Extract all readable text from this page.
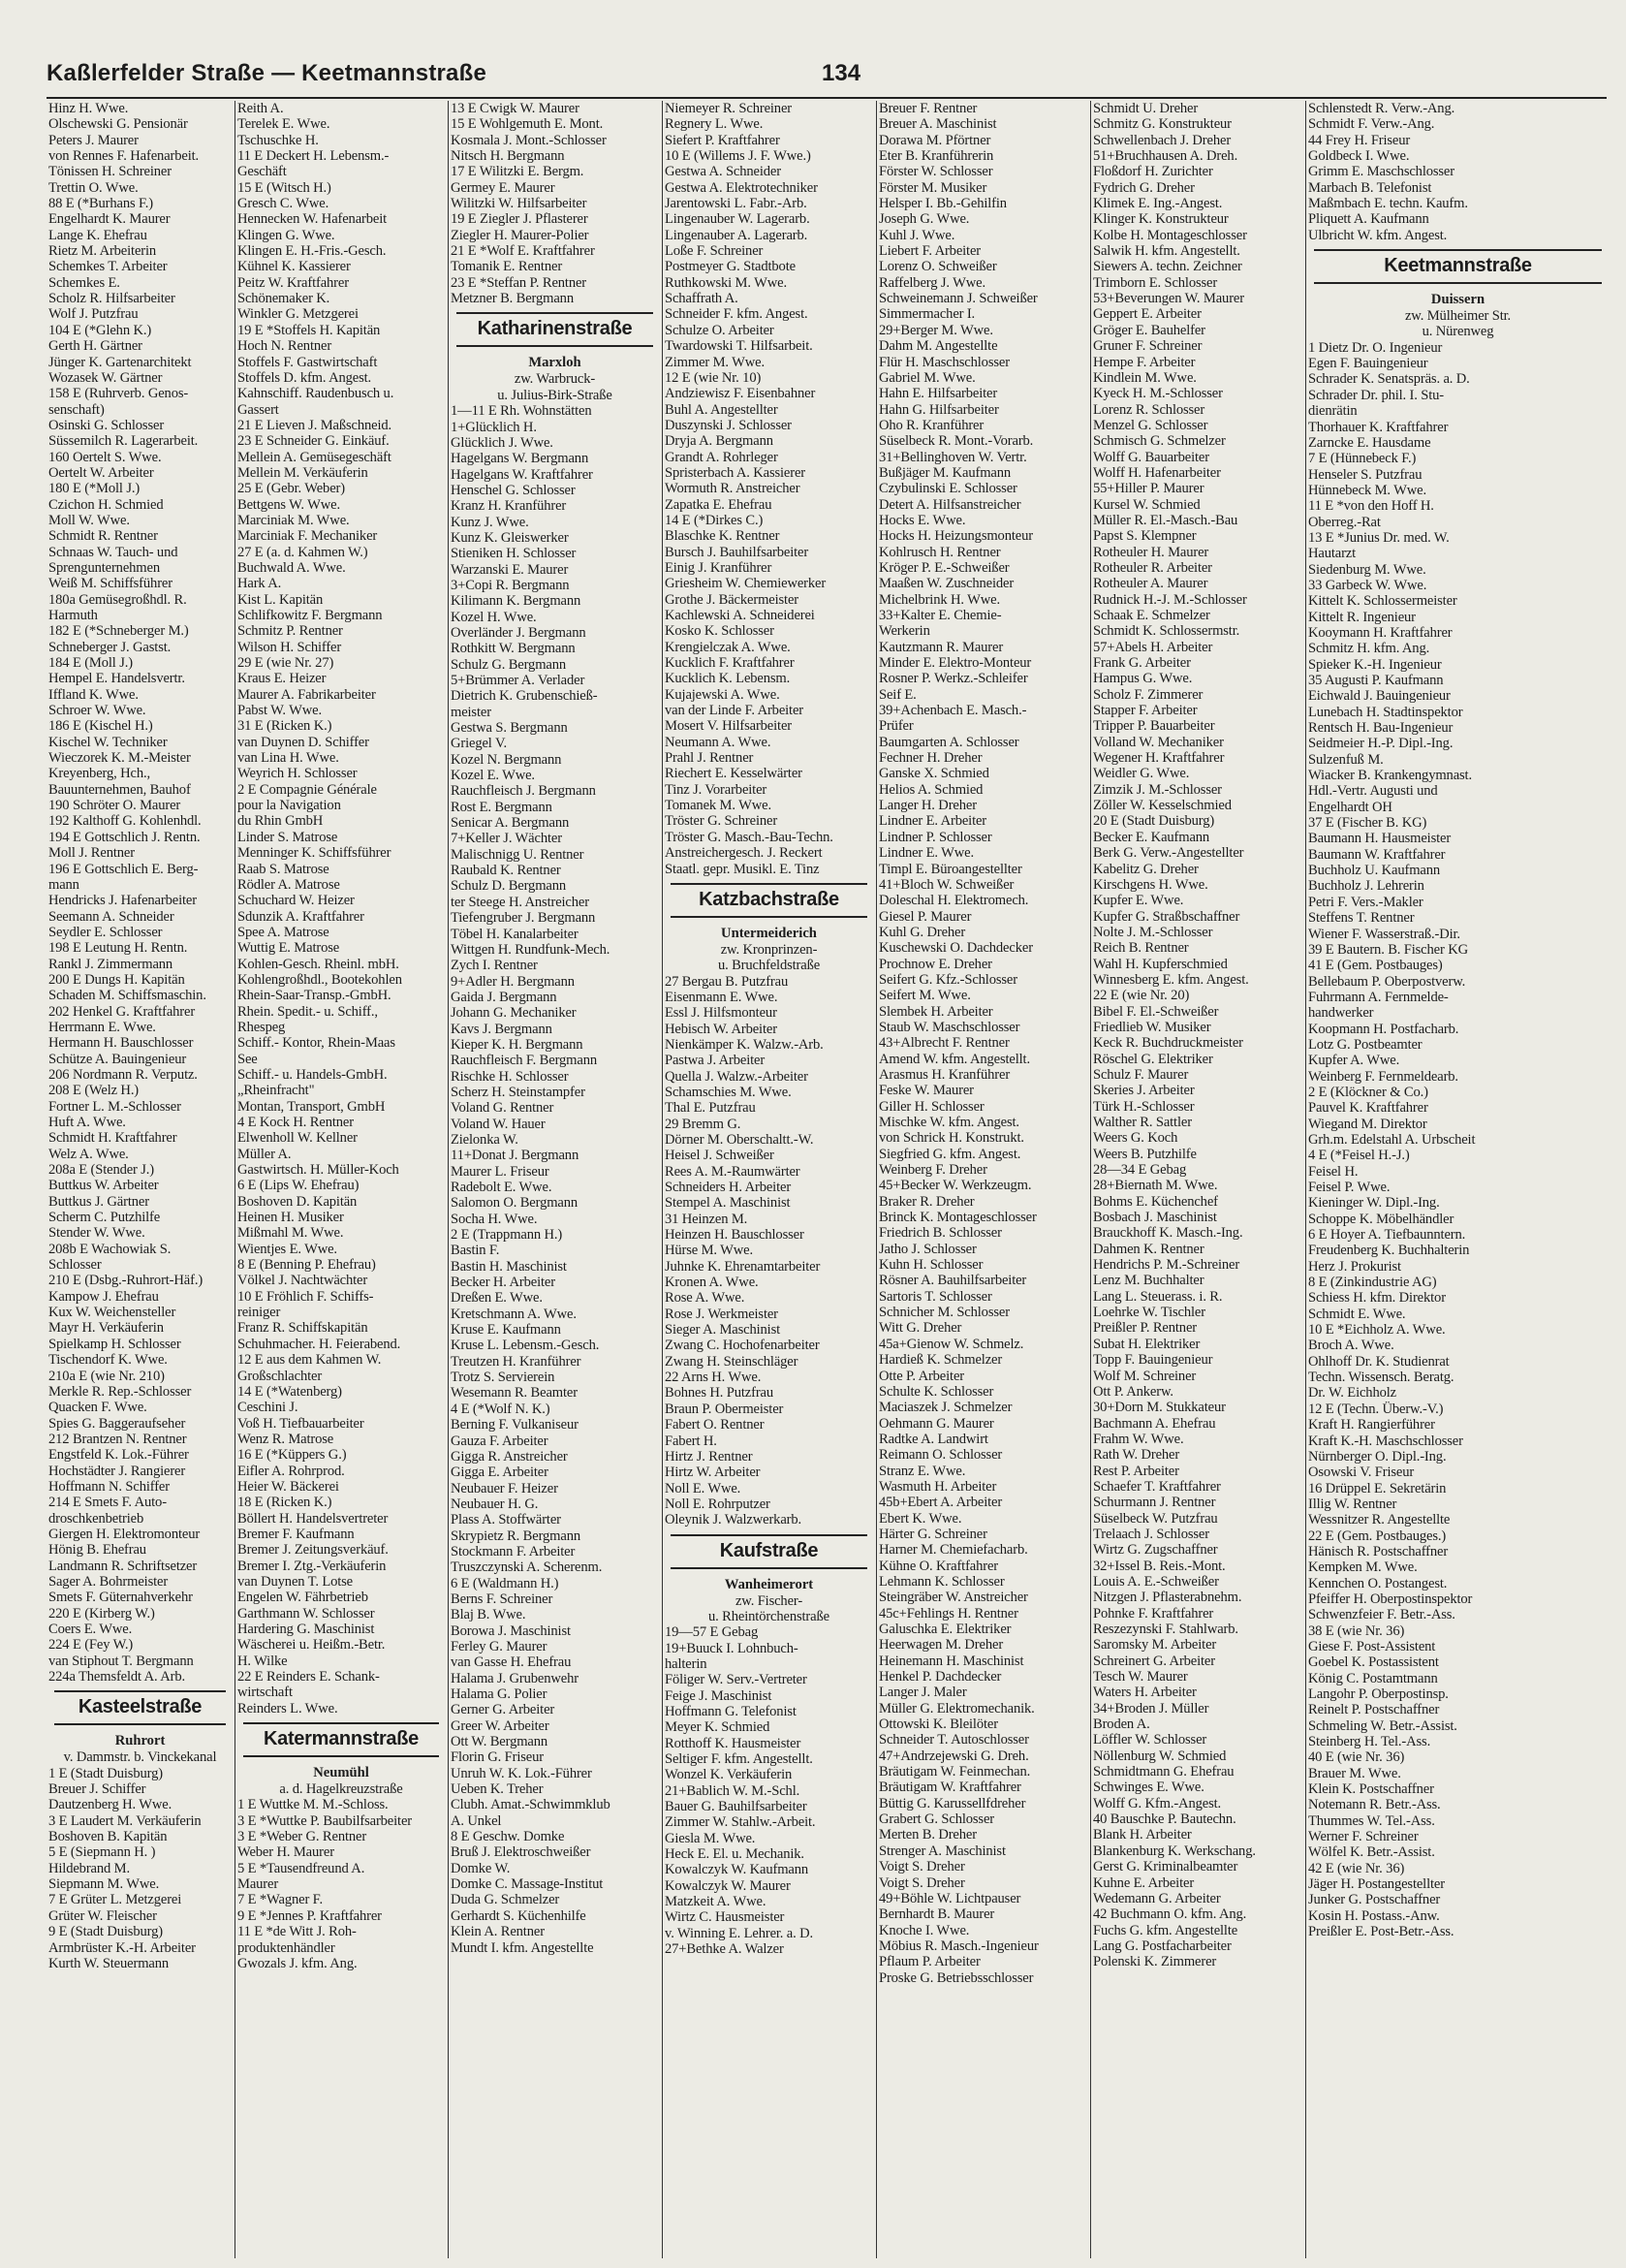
Kaßlerfelder Straße — Keetmannstraße	134
Hinz H. Wwe.
Olschewski G. Pensionär
Peters J. Maurer
von Rennes F. Hafenarbeit.
Tönissen H. Schreiner
Trettin O. Wwe.
88 E (*Burhans F.)
Engelhardt K. Maurer
Lange K. Ehefrau
Rietz M. Arbeiterin
Schemkes T. Arbeiter
Schemkes E.
Scholz R. Hilfsarbeiter
Wolf J. Putzfrau
104 E (*Glehn K.)
Gerth H. Gärtner
Jünger K. Gartenarchitekt
Wozasek W. Gärtner
158 E (Ruhrverb. Genos-
senschaft)
Osinski G. Schlosser
Süssemilch R. Lagerarbeit.
160 Oertelt S. Wwe.
Oertelt W. Arbeiter
180 E (*Moll J.)
Czichon H. Schmied
Moll W. Wwe.
Schmidt R. Rentner
Schnaas W. Tauch- und
Sprengunternehmen
Weiß M. Schiffsführer
180a Gemüsegroßhdl. R.
Harmuth
182 E (*Schneberger M.)
Schneberger J. Gastst.
184 E (Moll J.)
Hempel E. Handelsvertr.
Iffland K. Wwe.
Schroer W. Wwe.
186 E (Kischel H.)
Kischel W. Techniker
Wieczorek K. M.-Meister
Kreyenberg, Hch.,
Bauunternehmen, Bauhof
190 Schröter O. Maurer
192 Kalthoff G. Kohlenhdl.
194 E Gottschlich J. Rentn.
Moll J. Rentner
196 E Gottschlich E. Berg-
mann
Hendricks J. Hafenarbeiter
Seemann A. Schneider
Seydler E. Schlosser
198 E Leutung H. Rentn.
Rankl J. Zimmermann
200 E Dungs H. Kapitän
Schaden M. Schiffsmaschin.
202 Henkel G. Kraftfahrer
Herrmann E. Wwe.
Hermann H. Bauschlosser
Schütze A. Bauingenieur
206 Nordmann R. Verputz.
208 E (Welz H.)
Fortner L. M.-Schlosser
Huft A. Wwe.
Schmidt H. Kraftfahrer
Welz A. Wwe.
208a E (Stender J.)
Buttkus W. Arbeiter
Buttkus J. Gärtner
Scherm C. Putzhilfe
Stender W. Wwe.
208b E Wachowiak S.
Schlosser
210 E (Dsbg.-Ruhrort-Häf.)
Kampow J. Ehefrau
Kux W. Weichensteller
Mayr H. Verkäuferin
Spielkamp H. Schlosser
Tischendorf K. Wwe.
210a E (wie Nr. 210)
Merkle R. Rep.-Schlosser
Quacken F. Wwe.
Spies G. Baggeraufseher
212 Brantzen N. Rentner
Engstfeld K. Lok.-Führer
Hochstädter J. Rangierer
Hoffmann N. Schiffer
214 E Smets F. Auto-
droschkenbetrieb
Giergen H. Elektromonteur
Hönig B. Ehefrau
Landmann R. Schriftsetzer
Sager A. Bohrmeister
Smets F. Güternahverkehr
220 E (Kirberg W.)
Coers E. Wwe.
224 E (Fey W.)
van Stiphout T. Bergmann
224a Themsfeldt A. Arb.
Kasteelstraße
Ruhrort
v. Dammstr. b. Vinckekanal
1 E (Stadt Duisburg)
Breuer J. Schiffer
Dautzenberg H. Wwe.
3 E Laudert M. Verkäuferin
Boshoven B. Kapitän
5 E (Siepmann H. )
Hildebrand M.
Siepmann M. Wwe.
7 E Grüter L. Metzgerei
Grüter W. Fleischer
9 E (Stadt Duisburg)
Armbrüster K.-H. Arbeiter
Kurth W. Steuermann
Reith A.
Terelek E. Wwe.
Tschuschke H.
11 E Deckert H. Lebensm.-
Geschäft
15 E (Witsch H.)
Gresch C. Wwe.
Hennecken W. Hafenarbeit
Klingen G. Wwe.
Klingen E. H.-Fris.-Gesch.
Kühnel K. Kassierer
Peitz W. Kraftfahrer
Schönemaker K.
Winkler G. Metzgerei
19 E *Stoffels H. Kapitän
Hoch N. Rentner
Stoffels F. Gastwirtschaft
Stoffels D. kfm. Angest.
Kahnschiff. Raudenbusch u.
Gassert
21 E Lieven J. Maßschneid.
23 E Schneider G. Einkäuf.
Mellein A. Gemüsegeschäft
Mellein M. Verkäuferin
25 E (Gebr. Weber)
Bettgens W. Wwe.
Marciniak M. Wwe.
Marciniak F. Mechaniker
27 E (a. d. Kahmen W.)
Buchwald A. Wwe.
Hark A.
Kist L. Kapitän
Schlifkowitz F. Bergmann
Schmitz P. Rentner
Wilson H. Schiffer
29 E (wie Nr. 27)
Kraus E. Heizer
Maurer A. Fabrikarbeiter
Pabst W. Wwe.
31 E (Ricken K.)
van Duynen D. Schiffer
van Lina H. Wwe.
Weyrich H. Schlosser
2 E Compagnie Générale
pour la Navigation
du Rhin GmbH
Linder S. Matrose
Menninger K. Schiffsführer
Raab S. Matrose
Rödler A. Matrose
Schuchard W. Heizer
Sdunzik A. Kraftfahrer
Spee A. Matrose
Wuttig E. Matrose
Kohlen-Gesch. Rheinl. mbH.
Kohlengroßhdl., Bootekohlen
Rhein-Saar-Transp.-GmbH.
Rhein. Spedit.- u. Schiff.,
Rhespeg
Schiff.- Kontor, Rhein-Maas
See
Schiff.- u. Handels-GmbH.
„Rheinfracht"
Montan, Transport, GmbH
4 E Kock H. Rentner
Elwenholl W. Kellner
Müller A.
Gastwirtsch. H. Müller-Koch
6 E (Lips W. Ehefrau)
Boshoven D. Kapitän
Heinen H. Musiker
Mißmahl M. Wwe.
Wientjes E. Wwe.
8 E (Benning P. Ehefrau)
Völkel J. Nachtwächter
10 E Fröhlich F. Schiffs-
reiniger
Franz R. Schiffskapitän
Schuhmacher. H. Feierabend.
12 E aus dem Kahmen W.
Großschlachter
14 E (*Watenberg)
Ceschini J.
Voß H. Tiefbauarbeiter
Wenz R. Matrose
16 E (*Küppers G.)
Eifler A. Rohrprod.
Heier W. Bäckerei
18 E (Ricken K.)
Böllert H. Handelsvertreter
Bremer F. Kaufmann
Bremer J. Zeitungsverkäuf.
Bremer I. Ztg.-Verkäuferin
van Duynen T. Lotse
Engelen W. Fährbetrieb
Garthmann W. Schlosser
Hardering G. Maschinist
Wäscherei u. Heißm.-Betr.
H. Wilke
22 E Reinders E. Schank-
wirtschaft
Reinders L. Wwe.
Katermannstraße
Neumühl
a. d. Hagelkreuzstraße
1 E Wuttke M. M.-Schloss.
3 E *Wuttke P. Baubilfsarbeiter
3 E *Weber G. Rentner
Weber H. Maurer
5 E *Tausendfreund A.
Maurer
7 E *Wagner F.
9 E *Jennes P. Kraftfahrer
11 E *de Witt J. Roh-
produktenhändler
Gwozals J. kfm. Ang.
13 E Cwigk W. Maurer
15 E Wohlgemuth E. Mont.
Kosmala J. Mont.-Schlosser
Nitsch H. Bergmann
17 E Wilitzki E. Bergm.
Germey E. Maurer
Wilitzki W. Hilfsarbeiter
19 E Ziegler J. Pflasterer
Ziegler H. Maurer-Polier
21 E *Wolf E. Kraftfahrer
Tomanik E. Rentner
23 E *Steffan P. Rentner
Metzner B. Bergmann
Katharinenstraße
Marxloh
zw. Warbruck-
u. Julius-Birk-Straße
1—11 E Rh. Wohnstätten
1+Glücklich H.
Glücklich J. Wwe.
Hagelgans W. Bergmann
Hagelgans W. Kraftfahrer
Henschel G. Schlosser
Kranz H. Kranführer
Kunz J. Wwe.
Kunz K. Gleiswerker
Stieniken H. Schlosser
Warzanski E. Maurer
3+Copi R. Bergmann
Kilimann K. Bergmann
Kozel H. Wwe.
Overländer J. Bergmann
Rothkitt W. Bergmann
Schulz G. Bergmann
5+Brümmer A. Verlader
Dietrich K. Grubenschieß-
meister
Gestwa S. Bergmann
Griegel V.
Kozel N. Bergmann
Kozel E. Wwe.
Rauchfleisch J. Bergmann
Rost E. Bergmann
Senicar A. Bergmann
7+Keller J. Wächter
Malischnigg U. Rentner
Raubald K. Rentner
Schulz D. Bergmann
ter Steege H. Anstreicher
Tiefengruber J. Bergmann
Töbel H. Kanalarbeiter
Wittgen H. Rundfunk-Mech.
Zych I. Rentner
9+Adler H. Bergmann
Gaida J. Bergmann
Johann G. Mechaniker
Kavs J. Bergmann
Kieper K. H. Bergmann
Rauchfleisch F. Bergmann
Rischke H. Schlosser
Scherz H. Steinstampfer
Voland G. Rentner
Voland W. Hauer
Zielonka W.
11+Donat J. Bergmann
Maurer L. Friseur
Radebolt E. Wwe.
Salomon O. Bergmann
Socha H. Wwe.
2 E (Trappmann H.)
Bastin F.
Bastin H. Maschinist
Becker H. Arbeiter
Dreßen E. Wwe.
Kretschmann A. Wwe.
Kruse E. Kaufmann
Kruse L. Lebensm.-Gesch.
Treutzen H. Kranführer
Trotz S. Servierein
Wesemann R. Beamter
4 E (*Wolf N. K.)
Berning F. Vulkaniseur
Gauza F. Arbeiter
Gigga R. Anstreicher
Gigga E. Arbeiter
Neubauer F. Heizer
Neubauer H. G.
Plass A. Stoffwärter
Skrypietz R. Bergmann
Stockmann F. Arbeiter
Truszczynski A. Scherenm.
6 E (Waldmann H.)
Berns F. Schreiner
Blaj B. Wwe.
Borowa J. Maschinist
Ferley G. Maurer
van Gasse H. Ehefrau
Halama J. Grubenwehr
Halama G. Polier
Gerner G. Arbeiter
Greer W. Arbeiter
Ott W. Bergmann
Florin G. Friseur
Unruh W. K. Lok.-Führer
Ueben K. Treher
Clubh. Amat.-Schwimmklub
A. Unkel
8 E Geschw. Domke
Bruß J. Elektroschweißer
Domke W.
Domke C. Massage-Institut
Duda G. Schmelzer
Gerhardt S. Küchenhilfe
Klein A. Rentner
Mundt I. kfm. Angestellte
Niemeyer R. Schreiner
Regnery L. Wwe.
Siefert P. Kraftfahrer
10 E (Willems J. F. Wwe.)
Gestwa A. Schneider
Gestwa A. Elektrotechniker
Jarentowski L. Fabr.-Arb.
Lingenauber W. Lagerarb.
Lingenauber A. Lagerarb.
Loße F. Schreiner
Postmeyer G. Stadtbote
Ruthkowski M. Wwe.
Schaffrath A.
Schneider F. kfm. Angest.
Schulze O. Arbeiter
Twardowski T. Hilfsarbeit.
Zimmer M. Wwe.
12 E (wie Nr. 10)
Andziewisz F. Eisenbahner
Buhl A. Angestellter
Duszynski J. Schlosser
Dryja A. Bergmann
Grandt A. Rohrleger
Spristerbach A. Kassierer
Wormuth R. Anstreicher
Zapatka E. Ehefrau
14 E (*Dirkes C.)
Blaschke K. Rentner
Bursch J. Bauhilfsarbeiter
Einig J. Kranführer
Griesheim W. Chemiewerker
Grothe J. Bäckermeister
Kachlewski A. Schneiderei
Kosko K. Schlosser
Krengielczak A. Wwe.
Kucklich F. Kraftfahrer
Kucklich K. Lebensm.
Kujajewski A. Wwe.
van der Linde F. Arbeiter
Mosert V. Hilfsarbeiter
Neumann A. Wwe.
Prahl J. Rentner
Riechert E. Kesselwärter
Tinz J. Vorarbeiter
Tomanek M. Wwe.
Tröster G. Schreiner
Tröster G. Masch.-Bau-Techn.
Anstreichergesch. J. Reckert
Staatl. gepr. Musikl. E. Tinz
Katzbachstraße
Untermeiderich
zw. Kronprinzen-
u. Bruchfeldstraße
27 Bergau B. Putzfrau
Eisenmann E. Wwe.
Essl J. Hilfsmonteur
Hebisch W. Arbeiter
Nienkämper K. Walzw.-Arb.
Pastwa J. Arbeiter
Quella J. Walzw.-Arbeiter
Schamschies M. Wwe.
Thal E. Putzfrau
29 Bremm G.
Dörner M. Oberschaltt.-W.
Heisel J. Schweißer
Rees A. M.-Raumwärter
Schneiders H. Arbeiter
Stempel A. Maschinist
31 Heinzen M.
Heinzen H. Bauschlosser
Hürse M. Wwe.
Juhnke K. Ehrenamtarbeiter
Kronen A. Wwe.
Rose A. Wwe.
Rose J. Werkmeister
Sieger A. Maschinist
Zwang C. Hochofenarbeiter
Zwang H. Steinschläger
22 Arns H. Wwe.
Bohnes H. Putzfrau
Braun P. Obermeister
Fabert O. Rentner
Fabert H.
Hirtz J. Rentner
Hirtz W. Arbeiter
Noll E. Wwe.
Noll E. Rohrputzer
Oleynik J. Walzwerkarb.
Kaufstraße
Wanheimerort
zw. Fischer-
u. Rheintörchenstraße
19—57 E Gebag
19+Buuck I. Lohnbuch-
halterin
Föliger W. Serv.-Vertreter
Feige J. Maschinist
Hoffmann G. Telefonist
Meyer K. Schmied
Rotthoff K. Hausmeister
Seltiger F. kfm. Angestellt.
Wonzel K. Verkäuferin
21+Bablich W. M.-Schl.
Bauer G. Bauhilfsarbeiter
Zimmer W. Stahlw.-Arbeit.
Giesla M. Wwe.
Heck E. El. u. Mechanik.
Kowalczyk W. Kaufmann
Kowalczyk W. Maurer
Matzkeit A. Wwe.
Wirtz C. Hausmeister
v. Winning E. Lehrer. a. D.
27+Bethke A. Walzer
Breuer F. Rentner
Breuer A. Maschinist
Dorawa M. Pförtner
Eter B. Kranführerin
Förster W. Schlosser
Förster M. Musiker
Helsper I. Bb.-Gehilfin
Joseph G. Wwe.
Kuhl J. Wwe.
Liebert F. Arbeiter
Lorenz O. Schweißer
Raffelberg J. Wwe.
Schweinemann J. Schweißer
Simmermacher I.
29+Berger M. Wwe.
Dahm M. Angestellte
Flür H. Maschschlosser
Gabriel M. Wwe.
Hahn E. Hilfsarbeiter
Hahn G. Hilfsarbeiter
Oho R. Kranführer
Süselbeck R. Mont.-Vorarb.
31+Bellinghoven W. Vertr.
Bußjäger M. Kaufmann
Czybulinski E. Schlosser
Detert A. Hilfsanstreicher
Hocks E. Wwe.
Hocks H. Heizungsmonteur
Kohlrusch H. Rentner
Kröger P. E.-Schweißer
Maaßen W. Zuschneider
Michelbrink H. Wwe.
33+Kalter E. Chemie-
Werkerin
Kautzmann R. Maurer
Minder E. Elektro-Monteur
Rosner P. Werkz.-Schleifer
Seif E.
39+Achenbach E. Masch.-
Prüfer
Baumgarten A. Schlosser
Fechner H. Dreher
Ganske X. Schmied
Helios A. Schmied
Langer H. Dreher
Lindner E. Arbeiter
Lindner P. Schlosser
Lindner E. Wwe.
Timpl E. Büroangestellter
41+Bloch W. Schweißer
Doleschal H. Elektromech.
Giesel P. Maurer
Kuhl G. Dreher
Kuschewski O. Dachdecker
Prochnow E. Dreher
Seifert G. Kfz.-Schlosser
Seifert M. Wwe.
Slembek H. Arbeiter
Staub W. Maschschlosser
43+Albrecht F. Rentner
Amend W. kfm. Angestellt.
Arasmus H. Kranführer
Feske W. Maurer
Giller H. Schlosser
Mischke W. kfm. Angest.
von Schrick H. Konstrukt.
Siegfried G. kfm. Angest.
Weinberg F. Dreher
45+Becker W. Werkzeugm.
Braker R. Dreher
Brinck K. Montageschlosser
Friedrich B. Schlosser
Jatho J. Schlosser
Kuhn H. Schlosser
Rösner A. Bauhilfsarbeiter
Sartoris T. Schlosser
Schnicher M. Schlosser
Witt G. Dreher
45a+Gienow W. Schmelz.
Hardieß K. Schmelzer
Otte P. Arbeiter
Schulte K. Schlosser
Maciaszek J. Schmelzer
Oehmann G. Maurer
Radtke A. Landwirt
Reimann O. Schlosser
Stranz E. Wwe.
Wasmuth H. Arbeiter
45b+Ebert A. Arbeiter
Ebert K. Wwe.
Härter G. Schreiner
Harner M. Chemiefacharb.
Kühne O. Kraftfahrer
Lehmann K. Schlosser
Steingräber W. Anstreicher
45c+Fehlings H. Rentner
Galuschka E. Elektriker
Heerwagen M. Dreher
Heinemann H. Maschinist
Henkel P. Dachdecker
Langer J. Maler
Müller G. Elektromechanik.
Ottowski K. Bleilöter
Schneider T. Autoschlosser
47+Andrzejewski G. Dreh.
Bräutigam W. Feinmechan.
Bräutigam W. Kraftfahrer
Büttig G. Karussellfdreher
Grabert G. Schlosser
Merten B. Dreher
Strenger A. Maschinist
Voigt S. Dreher
Voigt S. Dreher
49+Böhle W. Lichtpauser
Bernhardt B. Maurer
Knoche I. Wwe.
Möbius R. Masch.-Ingenieur
Pflaum P. Arbeiter
Proske G. Betriebsschlosser
Schmidt U. Dreher
Schmitz G. Konstrukteur
Schwellenbach J. Dreher
51+Bruchhausen A. Dreh.
Floßdorf H. Zurichter
Fydrich G. Dreher
Klimek E. Ing.-Angest.
Klinger K. Konstrukteur
Kolbe H. Montageschlosser
Salwik H. kfm. Angestellt.
Siewers A. techn. Zeichner
Trimborn E. Schlosser
53+Beverungen W. Maurer
Geppert E. Arbeiter
Gröger E. Bauhelfer
Gruner F. Schreiner
Hempe F. Arbeiter
Kindlein M. Wwe.
Kyeck H. M.-Schlosser
Lorenz R. Schlosser
Menzel G. Schlosser
Schmisch G. Schmelzer
Wolff G. Bauarbeiter
Wolff H. Hafenarbeiter
55+Hiller P. Maurer
Kursel W. Schmied
Müller R. El.-Masch.-Bau
Papst S. Klempner
Rotheuler H. Maurer
Rotheuler R. Arbeiter
Rotheuler A. Maurer
Rudnick H.-J. M.-Schlosser
Schaak E. Schmelzer
Schmidt K. Schlossermstr.
57+Abels H. Arbeiter
Frank G. Arbeiter
Hampus G. Wwe.
Scholz F. Zimmerer
Stapper F. Arbeiter
Tripper P. Bauarbeiter
Volland W. Mechaniker
Wegener H. Kraftfahrer
Weidler G. Wwe.
Zimzik J. M.-Schlosser
Zöller W. Kesselschmied
20 E (Stadt Duisburg)
Becker E. Kaufmann
Berk G. Verw.-Angestellter
Kabelitz G. Dreher
Kirschgens H. Wwe.
Kupfer E. Wwe.
Kupfer G. Straßbschaffner
Nolte J. M.-Schlosser
Reich B. Rentner
Wahl H. Kupferschmied
Winnesberg E. kfm. Angest.
22 E (wie Nr. 20)
Bibel F. El.-Schweißer
Friedlieb W. Musiker
Keck R. Buchdruckmeister
Röschel G. Elektriker
Schulz F. Maurer
Skeries J. Arbeiter
Türk H.-Schlosser
Walther R. Sattler
Weers G. Koch
Weers B. Putzhilfe
28—34 E Gebag
28+Biernath M. Wwe.
Bohms E. Küchenchef
Bosbach J. Maschinist
Brauckhoff K. Masch.-Ing.
Dahmen K. Rentner
Hendrichs P. M.-Schreiner
Lenz M. Buchhalter
Lang L. Steuerass. i. R.
Loehrke W. Tischler
Preißler P. Rentner
Subat H. Elektriker
Topp F. Bauingenieur
Wolf M. Schreiner
Ott P. Ankerw.
30+Dorn M. Stukkateur
Bachmann A. Ehefrau
Frahm W. Wwe.
Rath W. Dreher
Rest P. Arbeiter
Schaefer T. Kraftfahrer
Schurmann J. Rentner
Süselbeck W. Putzfrau
Trelaach J. Schlosser
Wirtz G. Zugschaffner
32+Issel B. Reis.-Mont.
Louis A. E.-Schweißer
Nitzgen J. Pflasterabnehm.
Pohnke F. Kraftfahrer
Reszezynski F. Stahlwarb.
Saromsky M. Arbeiter
Schreinert G. Arbeiter
Tesch W. Maurer
Waters H. Arbeiter
34+Broden J. Müller
Broden A.
Löffler W. Schlosser
Nöllenburg W. Schmied
Schmidtmann G. Ehefrau
Schwinges E. Wwe.
Wolff G. Kfm.-Angest.
40 Bauschke P. Bautechn.
Blank H. Arbeiter
Blankenburg K. Werkschang.
Gerst G. Kriminalbeamter
Kuhne E. Arbeiter
Wedemann G. Arbeiter
42 Buchmann O. kfm. Ang.
Fuchs G. kfm. Angestellte
Lang G. Postfacharbeiter
Polenski K. Zimmerer
Schlenstedt R. Verw.-Ang.
Schmidt F. Verw.-Ang.
44 Frey H. Friseur
Goldbeck I. Wwe.
Grimm E. Maschschlosser
Marbach B. Telefonist
Maßmbach E. techn. Kaufm.
Pliquett A. Kaufmann
Ulbricht W. kfm. Angest.
Keetmannstraße
Duissern
zw. Mülheimer Str.
u. Nürenweg
1 Dietz Dr. O. Ingenieur
Egen F. Bauingenieur
Schrader K. Senatspräs. a. D.
Schrader Dr. phil. I. Stu-
dienrätin
Thorhauer K. Kraftfahrer
Zarncke E. Hausdame
7 E (Hünnebeck F.)
Henseler S. Putzfrau
Hünnebeck M. Wwe.
11 E *von den Hoff H.
Oberreg.-Rat
13 E *Junius Dr. med. W.
Hautarzt
Siedenburg M. Wwe.
33 Garbeck W. Wwe.
Kittelt K. Schlossermeister
Kittelt R. Ingenieur
Kooymann H. Kraftfahrer
Schmitz H. kfm. Ang.
Spieker K.-H. Ingenieur
35 Augusti P. Kaufmann
Eichwald J. Bauingenieur
Lunebach H. Stadtinspektor
Rentsch H. Bau-Ingenieur
Seidmeier H.-P. Dipl.-Ing.
Sulzenfuß M.
Wiacker B. Krankengymnast.
Hdl.-Vertr. Augusti und
Engelhardt OH
37 E (Fischer B. KG)
Baumann H. Hausmeister
Baumann W. Kraftfahrer
Buchholz U. Kaufmann
Buchholz J. Lehrerin
Petri F. Vers.-Makler
Steffens T. Rentner
Wiener F. Wasserstraß.-Dir.
39 E Bautern. B. Fischer KG
41 E (Gem. Postbauges)
Bellebaum P. Oberpostverw.
Fuhrmann A. Fernmelde-
handwerker
Koopmann H. Postfacharb.
Lotz G. Postbeamter
Kupfer A. Wwe.
Weinberg F. Fernmeldearb.
2 E (Klöckner & Co.)
Pauvel K. Kraftfahrer
Wiegand M. Direktor
Grh.m. Edelstahl A. Urbscheit
4 E (*Feisel H.-J.)
Feisel H.
Feisel P. Wwe.
Kieninger W. Dipl.-Ing.
Schoppe K. Möbelhändler
6 E Hoyer A. Tiefbaunntern.
Freudenberg K. Buchhalterin
Herz J. Prokurist
8 E (Zinkindustrie AG)
Schiess H. kfm. Direktor
Schmidt E. Wwe.
10 E *Eichholz A. Wwe.
Broch A. Wwe.
Ohlhoff Dr. K. Studienrat
Techn. Wissensch. Beratg.
Dr. W. Eichholz
12 E (Techn. Überw.-V.)
Kraft H. Rangierführer
Kraft K.-H. Maschschlosser
Nürnberger O. Dipl.-Ing.
Osowski V. Friseur
16 Drüppel E. Sekretärin
Illig W. Rentner
Wessnitzer R. Angestellte
22 E (Gem. Postbauges.)
Hänisch R. Postschaffner
Kempken M. Wwe.
Kennchen O. Postangest.
Pfeiffer H. Oberpostinspektor
Schwenzfeier F. Betr.-Ass.
38 E (wie Nr. 36)
Giese F. Post-Assistent
Goebel K. Postassistent
König C. Postamtmann
Langohr P. Oberpostinsp.
Reinelt P. Postschaffner
Schmeling W. Betr.-Assist.
Steinberg H. Tel.-Ass.
40 E (wie Nr. 36)
Brauer M. Wwe.
Klein K. Postschaffner
Notemann R. Betr.-Ass.
Thummes W. Tel.-Ass.
Werner F. Schreiner
Wölfel K. Betr.-Assist.
42 E (wie Nr. 36)
Jäger H. Postangestellter
Junker G. Postschaffner
Kosin H. Postass.-Anw.
Preißler E. Post-Betr.-Ass.
